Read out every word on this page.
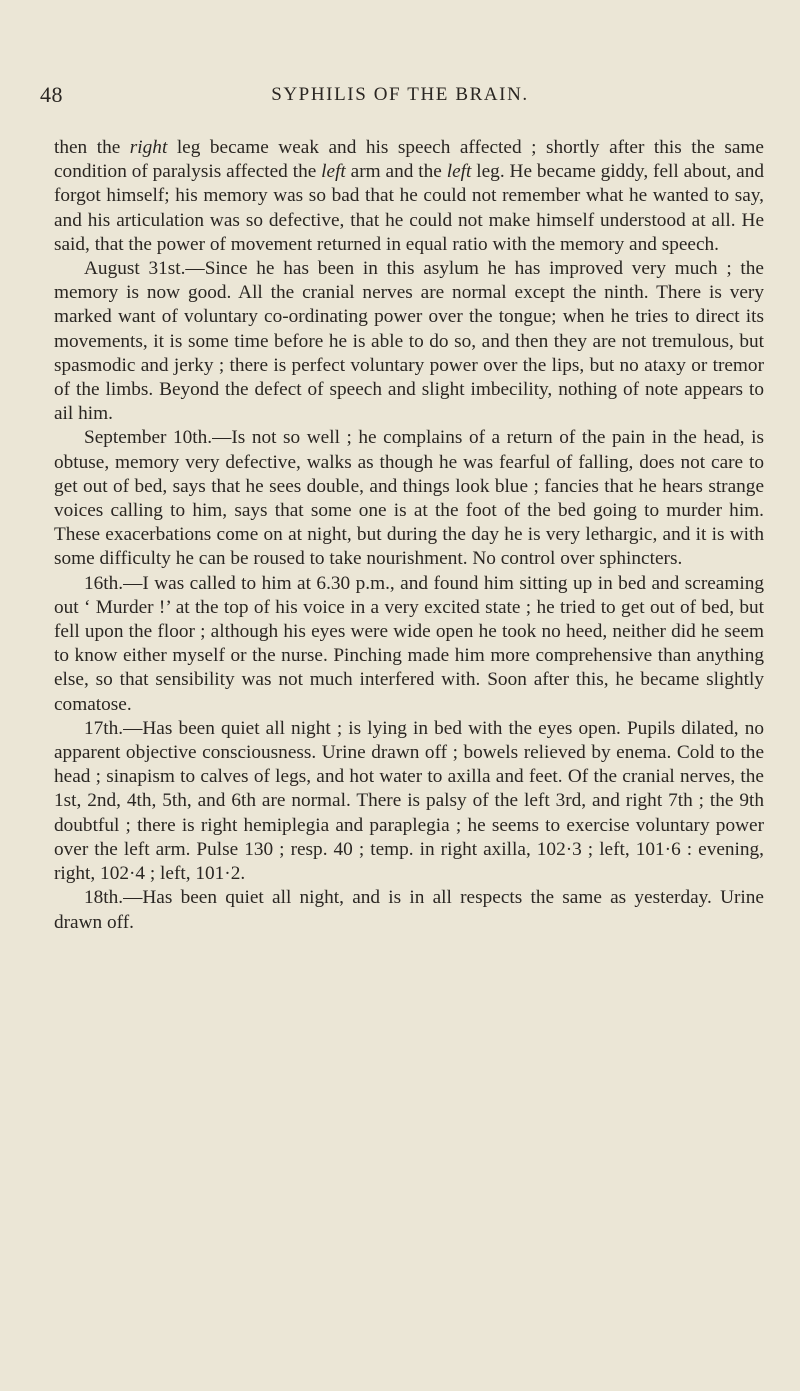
48	SYPHILIS OF THE BRAIN.

then the right leg became weak and his speech affected ; shortly after this the same condition of paralysis affected the left arm and the left leg. He became giddy, fell about, and forgot himself; his memory was so bad that he could not remember what he wanted to say, and his articulation was so defective, that he could not make himself understood at all. He said, that the power of movement returned in equal ratio with the memory and speech.

August 31st.—Since he has been in this asylum he has improved very much ; the memory is now good. All the cranial nerves are normal except the ninth. There is very marked want of voluntary co-ordinating power over the tongue; when he tries to direct its movements, it is some time before he is able to do so, and then they are not tremulous, but spasmodic and jerky ; there is perfect voluntary power over the lips, but no ataxy or tremor of the limbs. Beyond the defect of speech and slight imbecility, nothing of note appears to ail him.

September 10th.—Is not so well ; he complains of a return of the pain in the head, is obtuse, memory very defective, walks as though he was fearful of falling, does not care to get out of bed, says that he sees double, and things look blue ; fancies that he hears strange voices calling to him, says that some one is at the foot of the bed going to murder him. These exacerbations come on at night, but during the day he is very lethargic, and it is with some difficulty he can be roused to take nourishment. No control over sphincters.

16th.—I was called to him at 6.30 p.m., and found him sitting up in bed and screaming out ‘ Murder !’ at the top of his voice in a very excited state ; he tried to get out of bed, but fell upon the floor ; although his eyes were wide open he took no heed, neither did he seem to know either myself or the nurse. Pinching made him more comprehensive than anything else, so that sensibility was not much interfered with. Soon after this, he became slightly comatose.

17th.—Has been quiet all night ; is lying in bed with the eyes open. Pupils dilated, no apparent objective consciousness. Urine drawn off ; bowels relieved by enema. Cold to the head ; sinapism to calves of legs, and hot water to axilla and feet. Of the cranial nerves, the 1st, 2nd, 4th, 5th, and 6th are normal. There is palsy of the left 3rd, and right 7th ; the 9th doubtful ; there is right hemiplegia and paraplegia ; he seems to exercise voluntary power over the left arm. Pulse 130 ; resp. 40 ; temp. in right axilla, 102·3 ; left, 101·6 : evening, right, 102·4 ; left, 101·2.

18th.—Has been quiet all night, and is in all respects the same as yesterday. Urine drawn off.
